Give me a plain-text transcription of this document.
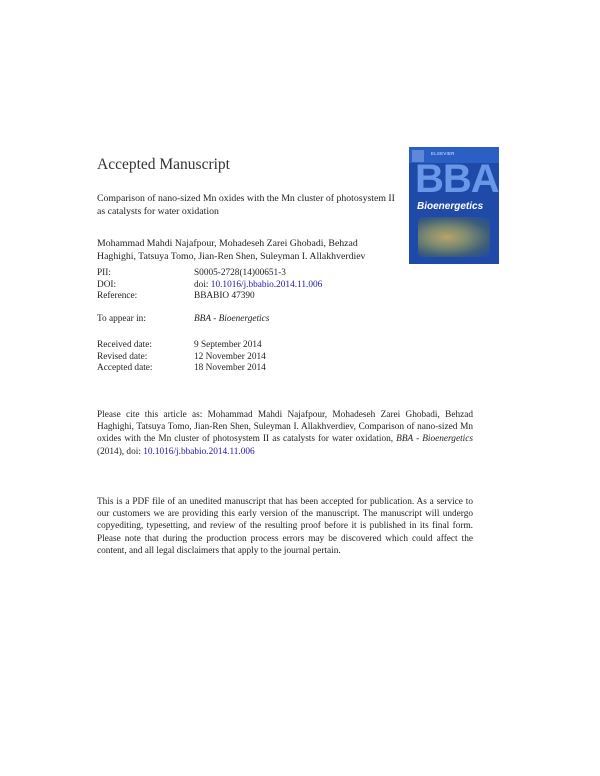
Accepted Manuscript
ELSEVIER
BBA
Bioenergetics
Comparison of nano-sized Mn oxides with the Mn cluster of photosystem II as catalysts for water oxidation
Mohammad Mahdi Najafpour, Mohadeseh Zarei Ghobadi, Behzad Haghighi, Tatsuya Tomo, Jian-Ren Shen, Suleyman I. Allakhverdiev
PII:	S0005-2728(14)00651-3
DOI:	doi: 10.1016/j.bbabio.2014.11.006
Reference:	BBABIO 47390
To appear in:	BBA - Bioenergetics
Received date:	9 September 2014
Revised date:	12 November 2014
Accepted date:	18 November 2014
Please cite this article as: Mohammad Mahdi Najafpour, Mohadeseh Zarei Ghobadi, Behzad Haghighi, Tatsuya Tomo, Jian-Ren Shen, Suleyman I. Allakhverdiev, Comparison of nano-sized Mn oxides with the Mn cluster of photosystem II as catalysts for water oxidation, BBA - Bioenergetics (2014), doi: 10.1016/j.bbabio.2014.11.006
This is a PDF file of an unedited manuscript that has been accepted for publication. As a service to our customers we are providing this early version of the manuscript. The manuscript will undergo copyediting, typesetting, and review of the resulting proof before it is published in its final form. Please note that during the production process errors may be discovered which could affect the content, and all legal disclaimers that apply to the journal pertain.
